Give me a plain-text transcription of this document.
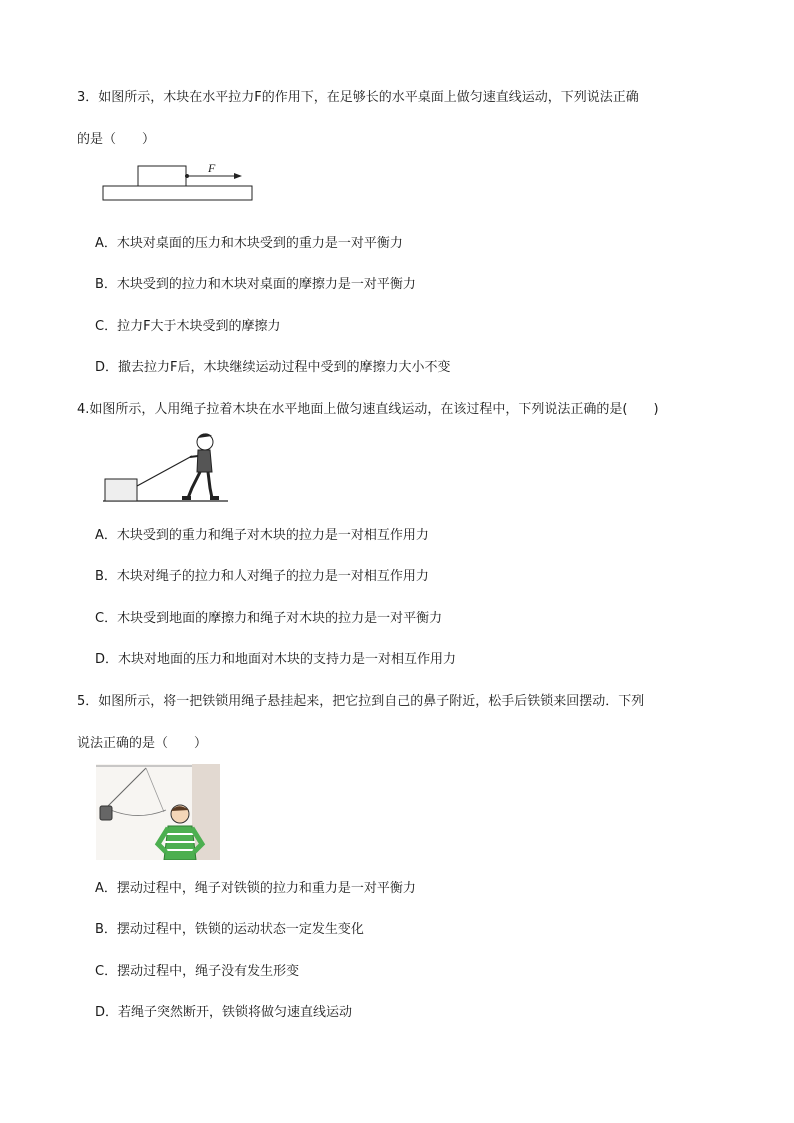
3．如图所示，木块在水平拉力F的作用下，在足够长的水平桌面上做匀速直线运动，下列说法正确
的是（　　）
F
A．木块对桌面的压力和木块受到的重力是一对平衡力
B．木块受到的拉力和木块对桌面的摩擦力是一对平衡力
C．拉力F大于木块受到的摩擦力
D．撤去拉力F后，木块继续运动过程中受到的摩擦力大小不变
4.如图所示，人用绳子拉着木块在水平地面上做匀速直线运动，在该过程中，下列说法正确的是(　　)
A．木块受到的重力和绳子对木块的拉力是一对相互作用力
B．木块对绳子的拉力和人对绳子的拉力是一对相互作用力
C．木块受到地面的摩擦力和绳子对木块的拉力是一对平衡力
D．木块对地面的压力和地面对木块的支持力是一对相互作用力
5．如图所示，将一把铁锁用绳子悬挂起来，把它拉到自己的鼻子附近，松手后铁锁来回摆动．下列
说法正确的是（　　）
A．摆动过程中，绳子对铁锁的拉力和重力是一对平衡力
B．摆动过程中，铁锁的运动状态一定发生变化
C．摆动过程中，绳子没有发生形变
D．若绳子突然断开，铁锁将做匀速直线运动
